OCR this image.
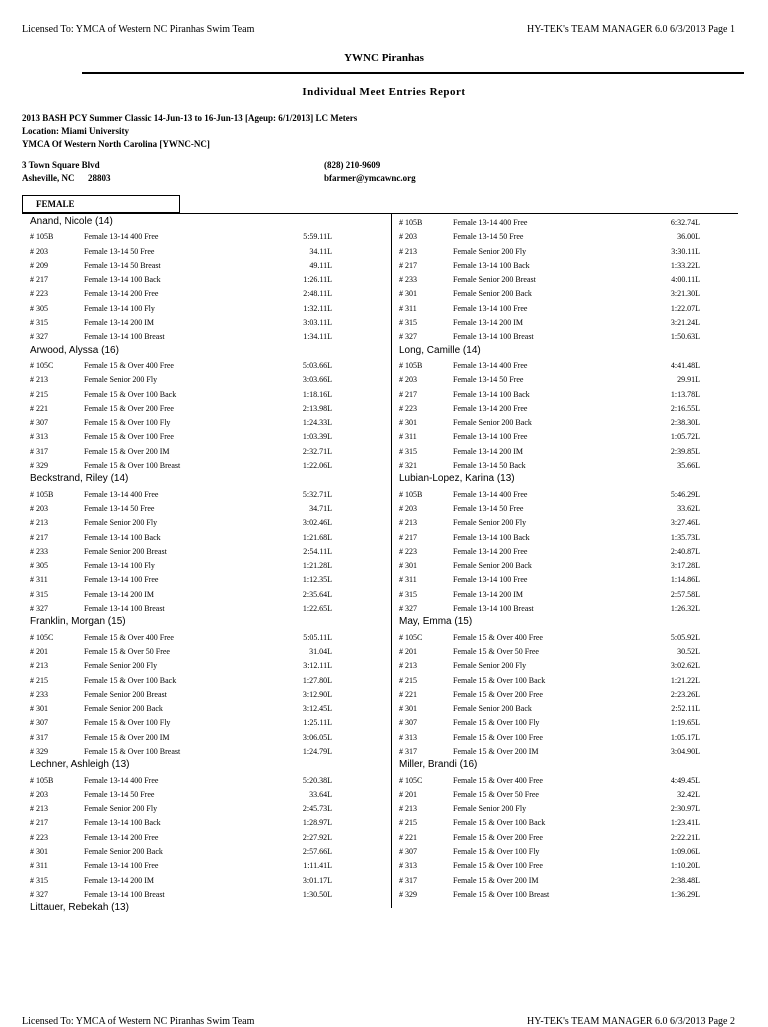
Licensed To: YMCA of Western NC Piranhas Swim Team	HY-TEK's TEAM MANAGER 6.0 6/3/2013 Page 1
YWNC Piranhas
Individual Meet Entries Report
2013 BASH PCY Summer Classic 14-Jun-13 to 16-Jun-13 [Ageup: 6/1/2013] LC Meters
Location: Miami University
YMCA Of Western North Carolina [YWNC-NC]
3 Town Square Blvd
Asheville, NC      28803
(828) 210-9609
bfarmer@ymcawnc.org
FEMALE
Anand, Nicole (14)
# 105B	Female 13-14 400 Free	5:59.11L
# 203	Female 13-14 50 Free	34.11L
# 209	Female 13-14 50 Breast	49.11L
# 217	Female 13-14 100 Back	1:26.11L
# 223	Female 13-14 200 Free	2:48.11L
# 305	Female 13-14 100 Fly	1:32.11L
# 315	Female 13-14 200 IM	3:03.11L
# 327	Female 13-14 100 Breast	1:34.11L
Arwood, Alyssa (16)
# 105C	Female 15 & Over 400 Free	5:03.66L
# 213	Female Senior 200 Fly	3:03.66L
# 215	Female 15 & Over 100 Back	1:18.16L
# 221	Female 15 & Over 200 Free	2:13.98L
# 307	Female 15 & Over 100 Fly	1:24.33L
# 313	Female 15 & Over 100 Free	1:03.39L
# 317	Female 15 & Over 200 IM	2:32.71L
# 329	Female 15 & Over 100 Breast	1:22.06L
Beckstrand, Riley (14)
# 105B	Female 13-14 400 Free	5:32.71L
# 203	Female 13-14 50 Free	34.71L
# 213	Female Senior 200 Fly	3:02.46L
# 217	Female 13-14 100 Back	1:21.68L
# 233	Female Senior 200 Breast	2:54.11L
# 305	Female 13-14 100 Fly	1:21.28L
# 311	Female 13-14 100 Free	1:12.35L
# 315	Female 13-14 200 IM	2:35.64L
# 327	Female 13-14 100 Breast	1:22.65L
Franklin, Morgan (15)
# 105C	Female 15 & Over 400 Free	5:05.11L
# 201	Female 15 & Over 50 Free	31.04L
# 213	Female Senior 200 Fly	3:12.11L
# 215	Female 15 & Over 100 Back	1:27.80L
# 233	Female Senior 200 Breast	3:12.90L
# 301	Female Senior 200 Back	3:12.45L
# 307	Female 15 & Over 100 Fly	1:25.11L
# 317	Female 15 & Over 200 IM	3:06.05L
# 329	Female 15 & Over 100 Breast	1:24.79L
Lechner, Ashleigh (13)
# 105B	Female 13-14 400 Free	5:20.38L
# 203	Female 13-14 50 Free	33.64L
# 213	Female Senior 200 Fly	2:45.73L
# 217	Female 13-14 100 Back	1:28.97L
# 223	Female 13-14 200 Free	2:27.92L
# 301	Female Senior 200 Back	2:57.66L
# 311	Female 13-14 100 Free	1:11.41L
# 315	Female 13-14 200 IM	3:01.17L
# 327	Female 13-14 100 Breast	1:30.50L
Littauer, Rebekah (13)
# 105B	Female 13-14 400 Free	6:32.74L
# 203	Female 13-14 50 Free	36.00L
# 213	Female Senior 200 Fly	3:30.11L
# 217	Female 13-14 100 Back	1:33.22L
# 233	Female Senior 200 Breast	4:00.11L
# 301	Female Senior 200 Back	3:21.30L
# 311	Female 13-14 100 Free	1:22.07L
# 315	Female 13-14 200 IM	3:21.24L
# 327	Female 13-14 100 Breast	1:50.63L
Long, Camille (14)
# 105B	Female 13-14 400 Free	4:41.48L
# 203	Female 13-14 50 Free	29.91L
# 217	Female 13-14 100 Back	1:13.78L
# 223	Female 13-14 200 Free	2:16.55L
# 301	Female Senior 200 Back	2:38.30L
# 311	Female 13-14 100 Free	1:05.72L
# 315	Female 13-14 200 IM	2:39.85L
# 321	Female 13-14 50 Back	35.66L
Lubian-Lopez, Karina (13)
# 105B	Female 13-14 400 Free	5:46.29L
# 203	Female 13-14 50 Free	33.62L
# 213	Female Senior 200 Fly	3:27.46L
# 217	Female 13-14 100 Back	1:35.73L
# 223	Female 13-14 200 Free	2:40.87L
# 301	Female Senior 200 Back	3:17.28L
# 311	Female 13-14 100 Free	1:14.86L
# 315	Female 13-14 200 IM	2:57.58L
# 327	Female 13-14 100 Breast	1:26.32L
May, Emma (15)
# 105C	Female 15 & Over 400 Free	5:05.92L
# 201	Female 15 & Over 50 Free	30.52L
# 213	Female Senior 200 Fly	3:02.62L
# 215	Female 15 & Over 100 Back	1:21.22L
# 221	Female 15 & Over 200 Free	2:23.26L
# 301	Female Senior 200 Back	2:52.11L
# 307	Female 15 & Over 100 Fly	1:19.65L
# 313	Female 15 & Over 100 Free	1:05.17L
# 317	Female 15 & Over 200 IM	3:04.90L
Miller, Brandi (16)
# 105C	Female 15 & Over 400 Free	4:49.45L
# 201	Female 15 & Over 50 Free	32.42L
# 213	Female Senior 200 Fly	2:30.97L
# 215	Female 15 & Over 100 Back	1:23.41L
# 221	Female 15 & Over 200 Free	2:22.21L
# 307	Female 15 & Over 100 Fly	1:09.06L
# 313	Female 15 & Over 100 Free	1:10.20L
# 317	Female 15 & Over 200 IM	2:38.48L
# 329	Female 15 & Over 100 Breast	1:36.29L
Licensed To: YMCA of Western NC Piranhas Swim Team	HY-TEK's TEAM MANAGER 6.0 6/3/2013 Page 2
